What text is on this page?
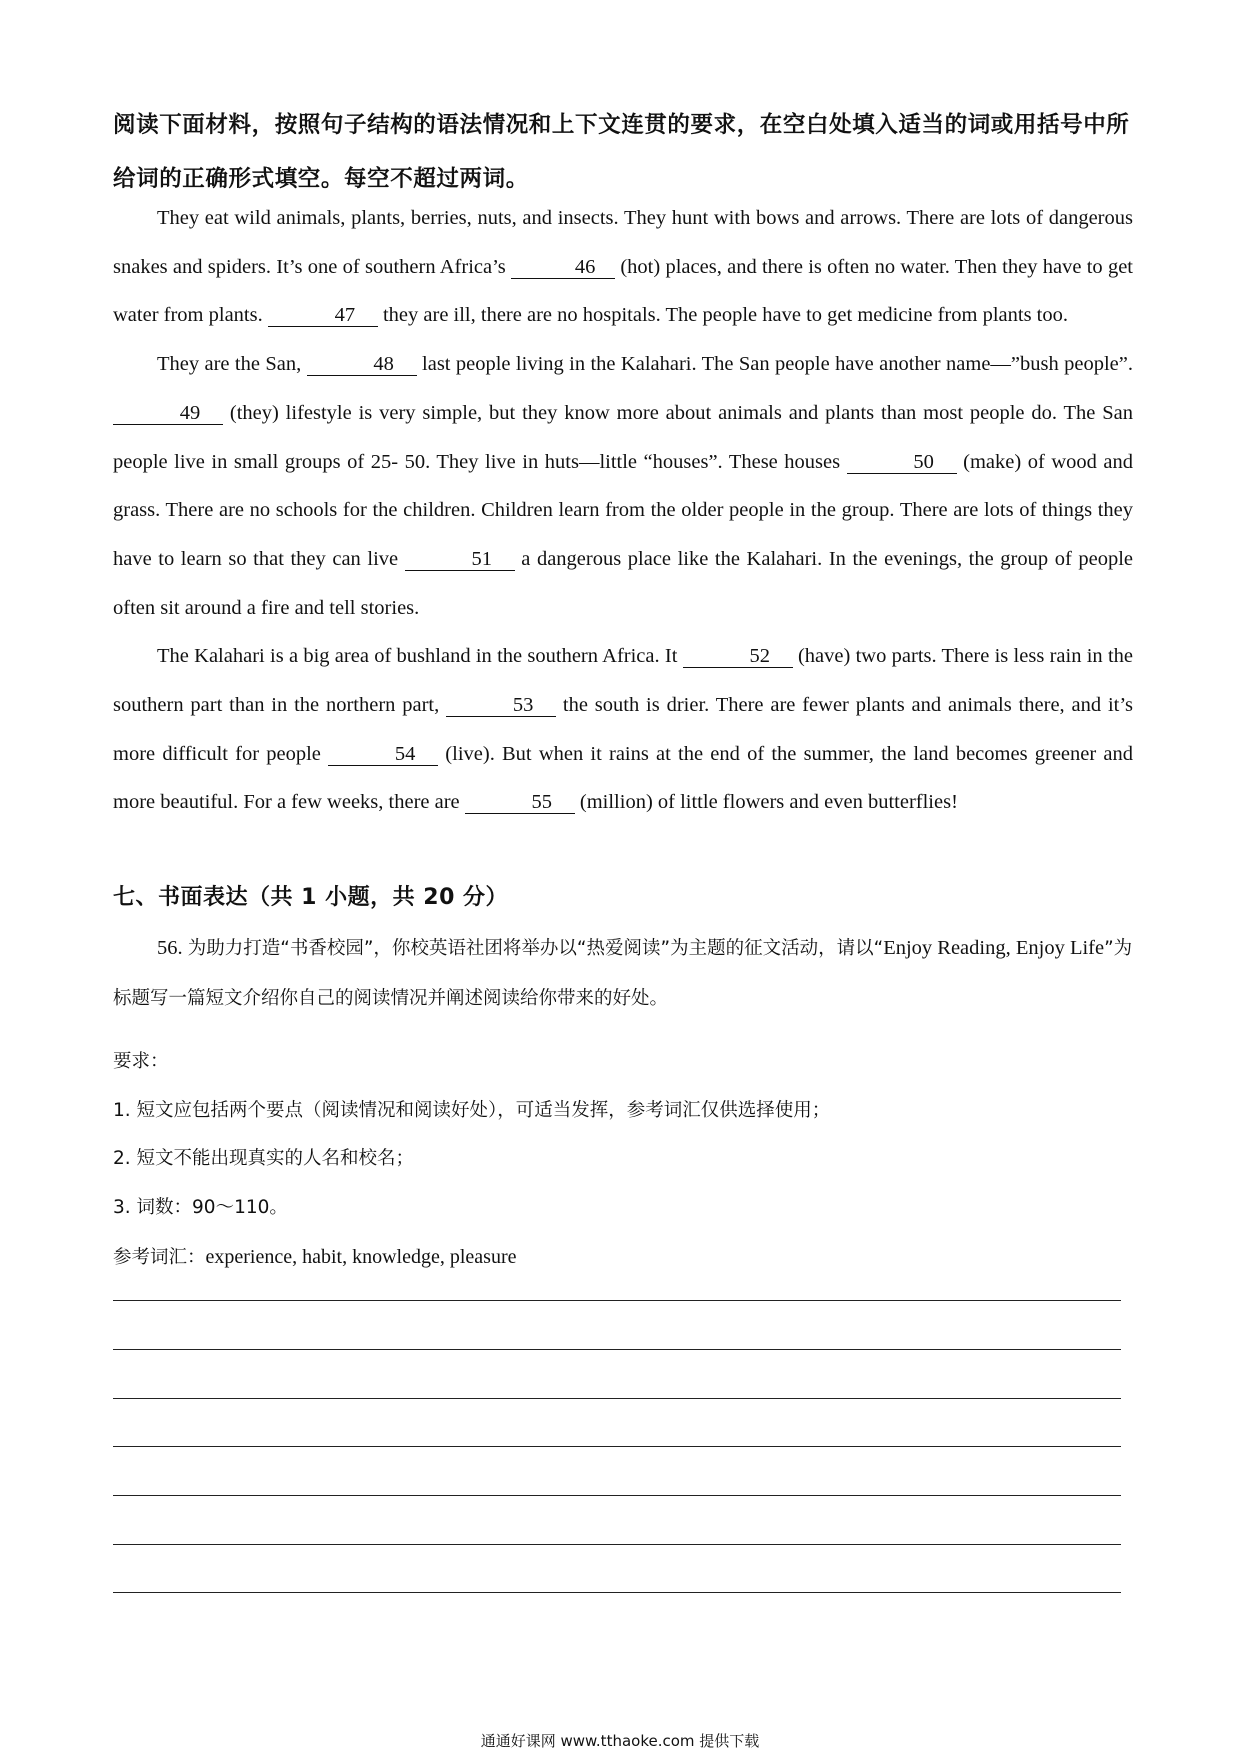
阅读下面材料，按照句子结构的语法情况和上下文连贯的要求，在空白处填入适当的词或用括号中所给词的正确形式填空。每空不超过两词。

They eat wild animals, plants, berries, nuts, and insects. They hunt with bows and arrows. There are lots of dangerous snakes and spiders. It’s one of southern Africa’s	46 (hot) places, and there is often no water. Then they have to get water from plants.	47 they are ill, there are no hospitals. The people have to get medicine from plants too.

They are the San,	48 last people living in the Kalahari. The San people have another name—”bush people”. 49 (they) lifestyle is very simple, but they know more about animals and plants than most people do. The San people live in small groups of 25- 50. They live in huts—little “houses”. These houses	50 (make) of wood and grass. There are no schools for the children. Children learn from the older people in the group. There are lots of things they have to learn so that they can live	51 a dangerous place like the Kalahari. In the evenings, the group of people often sit around a fire and tell stories.

The Kalahari is a big area of bushland in the southern Africa. It	52 (have) two parts. There is less rain in the southern part than in the northern part,	53 the south is drier. There are fewer plants and animals there, and it’s more difficult for people	54 (live). But when it rains at the end of the summer, the land becomes greener and more beautiful. For a few weeks, there are	55 (million) of little flowers and even butterflies!

七、书面表达（共 1 小题，共 20 分）
56. 为助力打造“书香校园”，你校英语社团将举办以“热爱阅读”为主题的征文活动，请以“Enjoy Reading, Enjoy Life”为标题写一篇短文介绍你自己的阅读情况并阐述阅读给你带来的好处。
要求：
1. 短文应包括两个要点（阅读情况和阅读好处），可适当发挥，参考词汇仅供选择使用；
2. 短文不能出现真实的人名和校名；
3. 词数：90～110。
参考词汇：experience, habit, knowledge, pleasure
通通好课网 www.tthaoke.com 提供下载
